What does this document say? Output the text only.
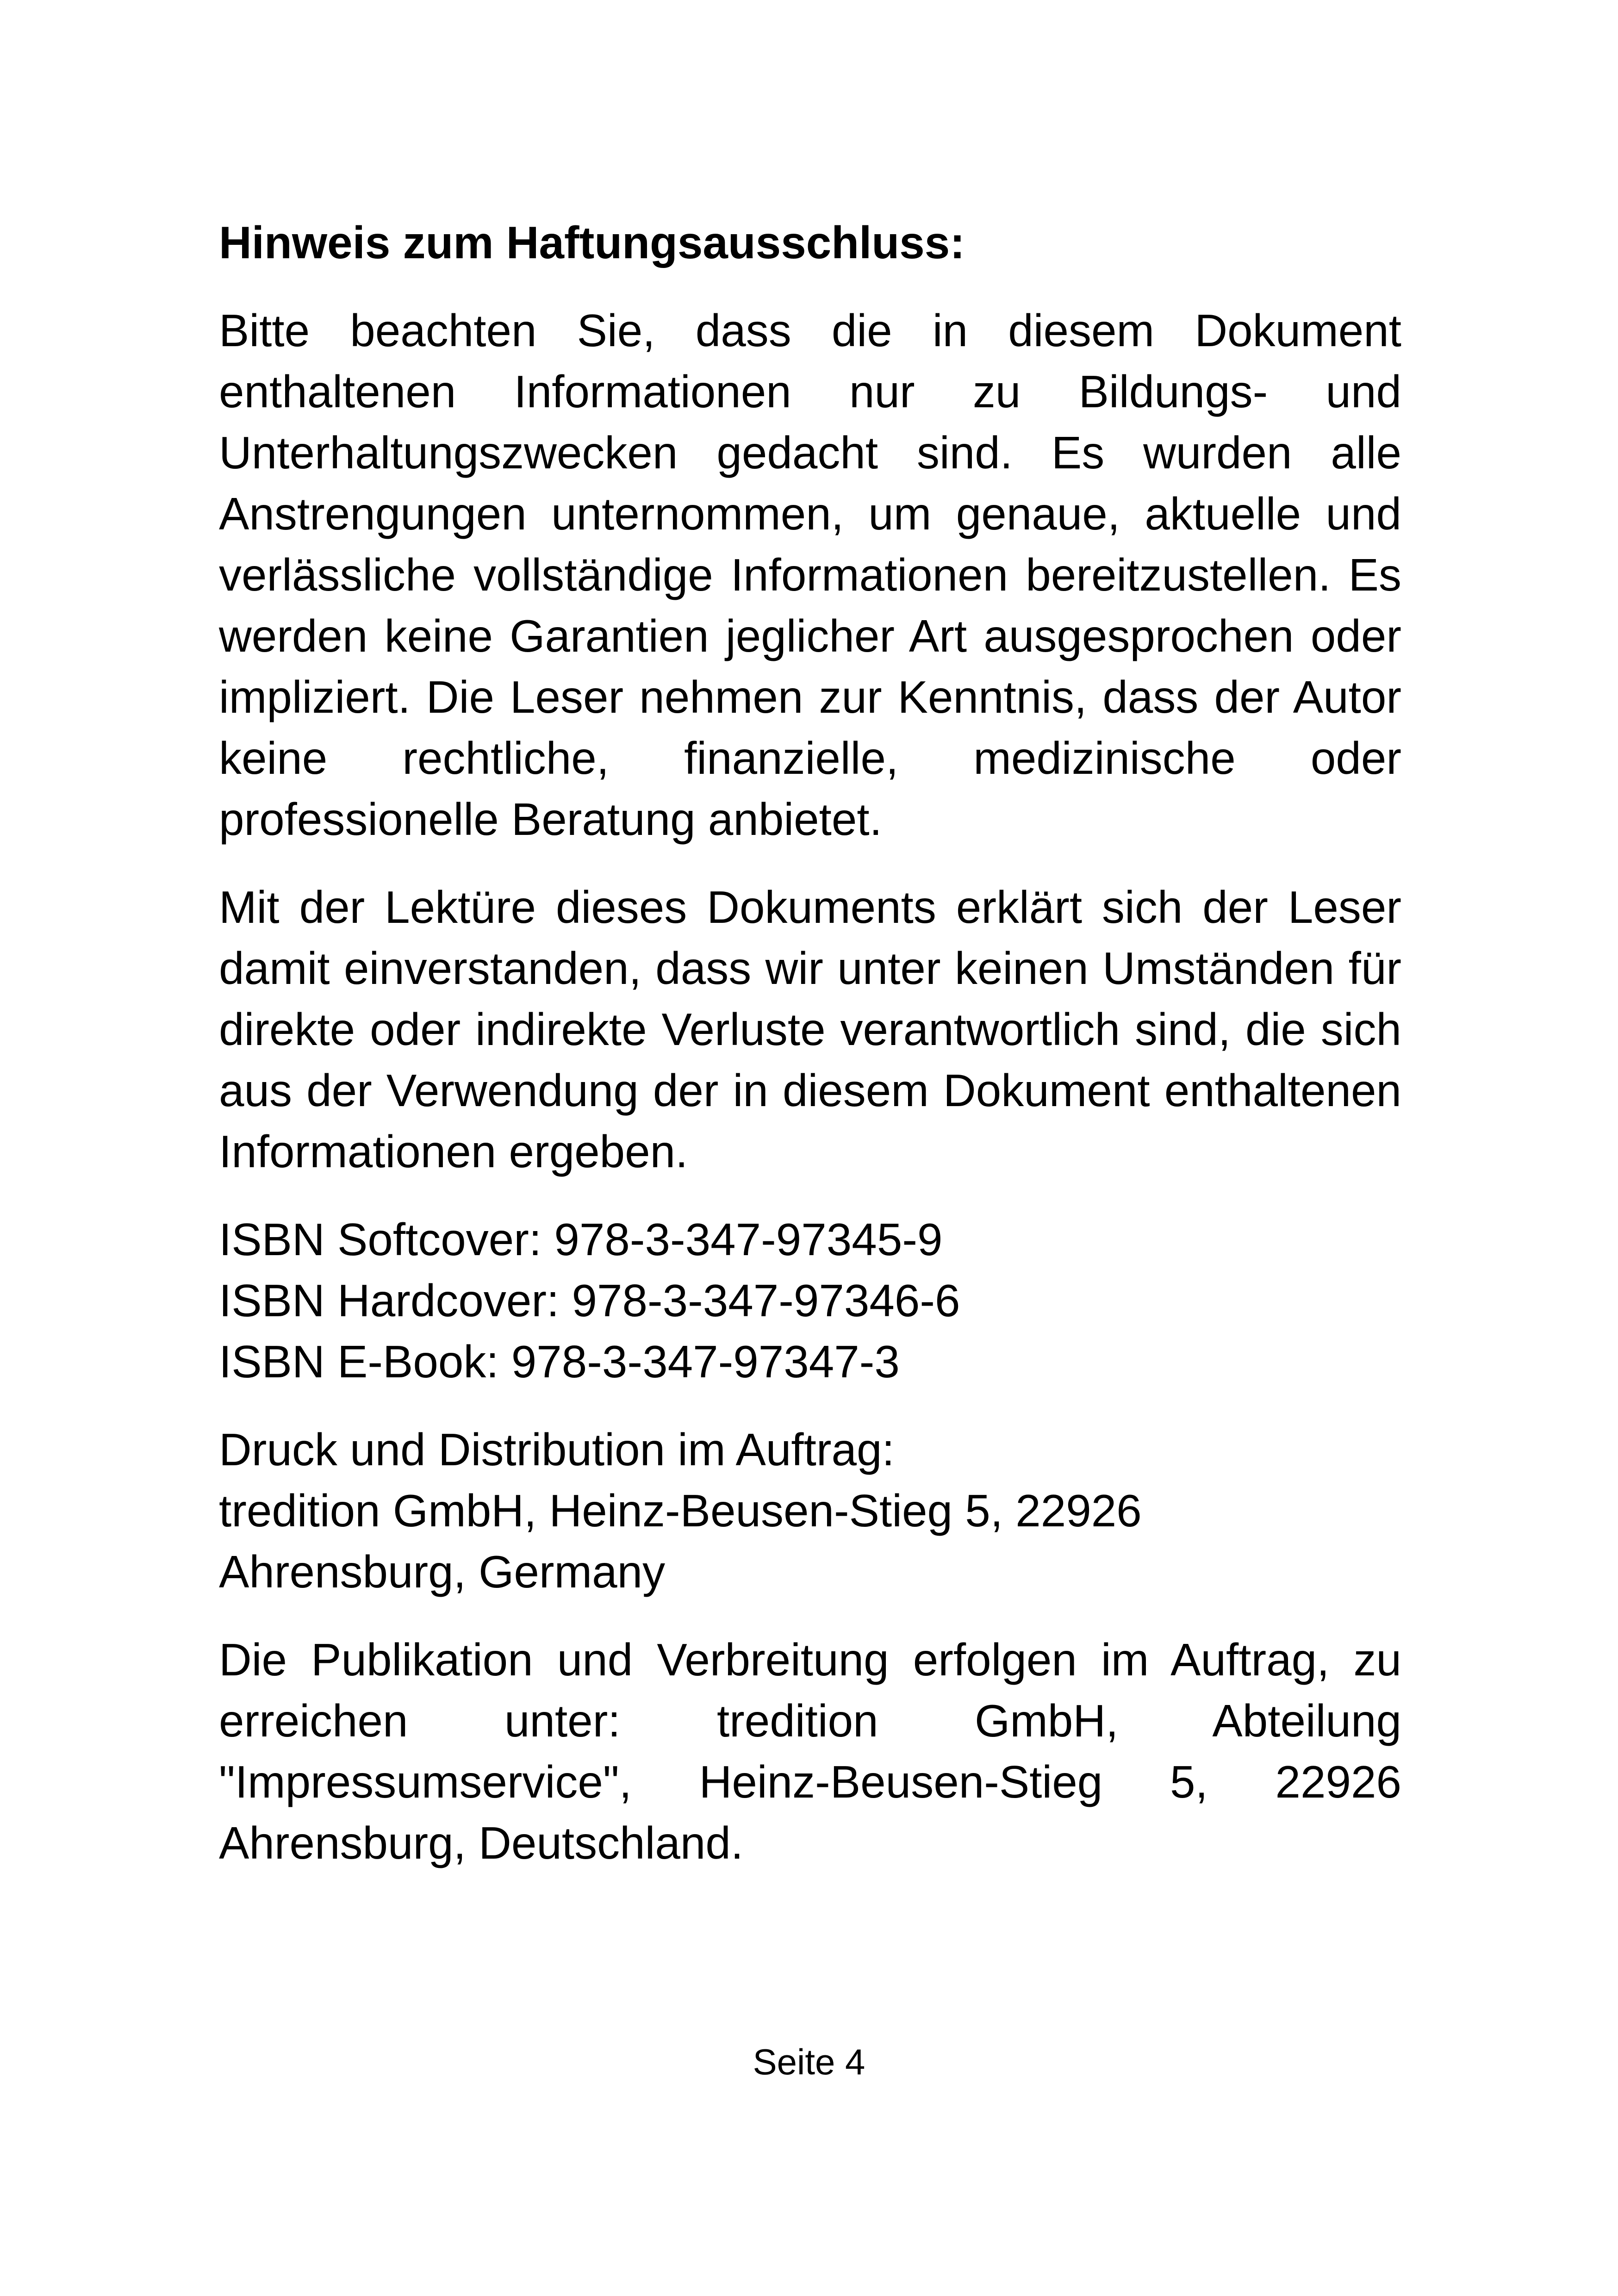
Hinweis zum Haftungsausschluss:

Bitte beachten Sie, dass die in diesem Dokument enthaltenen Informationen nur zu Bildungs- und Unterhaltungszwecken gedacht sind. Es wurden alle Anstrengungen unternommen, um genaue, aktuelle und verlässliche vollständige Informationen bereitzustellen. Es werden keine Garantien jeglicher Art ausgesprochen oder impliziert. Die Leser nehmen zur Kenntnis, dass der Autor keine rechtliche, finanzielle, medizinische oder professionelle Beratung anbietet.

Mit der Lektüre dieses Dokuments erklärt sich der Leser damit einverstanden, dass wir unter keinen Umständen für direkte oder indirekte Verluste verantwortlich sind, die sich aus der Verwendung der in diesem Dokument enthaltenen Informationen ergeben.

ISBN Softcover: 978-3-347-97345-9
ISBN Hardcover: 978-3-347-97346-6
ISBN E-Book: 978-3-347-97347-3

Druck und Distribution im Auftrag:
tredition GmbH, Heinz-Beusen-Stieg 5, 22926
Ahrensburg, Germany

Die Publikation und Verbreitung erfolgen im Auftrag, zu erreichen unter: tredition GmbH, Abteilung "Impressumservice", Heinz-Beusen-Stieg 5, 22926 Ahrensburg, Deutschland.

Seite 4
